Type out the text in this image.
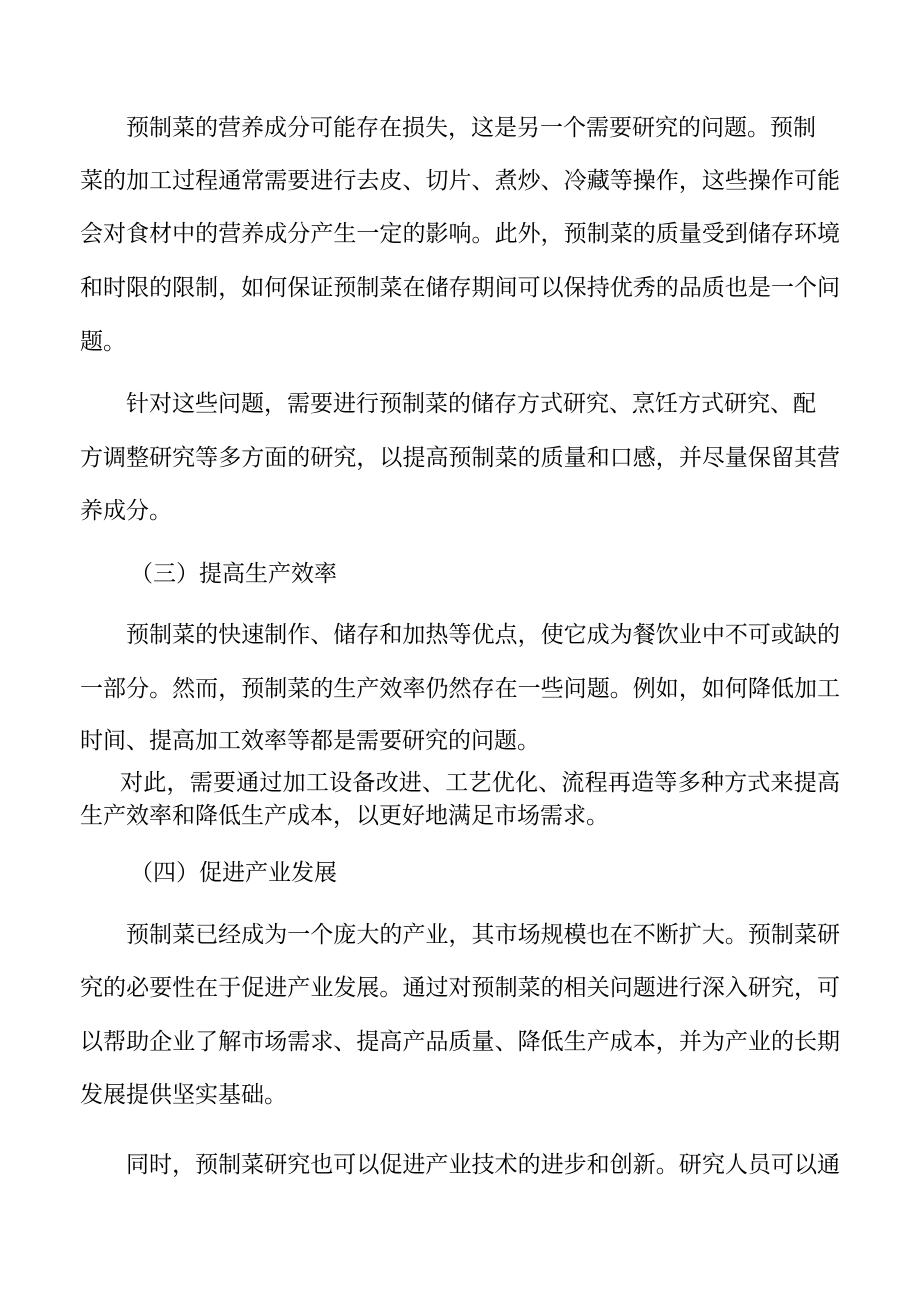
预制菜的营养成分可能存在损失，这是另一个需要研究的问题。预制
菜的加工过程通常需要进行去皮、切片、煮炒、冷藏等操作，这些操作可能
会对食材中的营养成分产生一定的影响。此外，预制菜的质量受到储存环境
和时限的限制，如何保证预制菜在储存期间可以保持优秀的品质也是一个问
题。
针对这些问题，需要进行预制菜的储存方式研究、烹饪方式研究、配
方调整研究等多方面的研究，以提高预制菜的质量和口感，并尽量保留其营
养成分。
（三）提高生产效率
预制菜的快速制作、储存和加热等优点，使它成为餐饮业中不可或缺的
一部分。然而，预制菜的生产效率仍然存在一些问题。例如，如何降低加工
时间、提高加工效率等都是需要研究的问题。
对此，需要通过加工设备改进、工艺优化、流程再造等多种方式来提高
生产效率和降低生产成本，以更好地满足市场需求。
（四）促进产业发展
预制菜已经成为一个庞大的产业，其市场规模也在不断扩大。预制菜研
究的必要性在于促进产业发展。通过对预制菜的相关问题进行深入研究，可
以帮助企业了解市场需求、提高产品质量、降低生产成本，并为产业的长期
发展提供坚实基础。
同时，预制菜研究也可以促进产业技术的进步和创新。研究人员可以通
